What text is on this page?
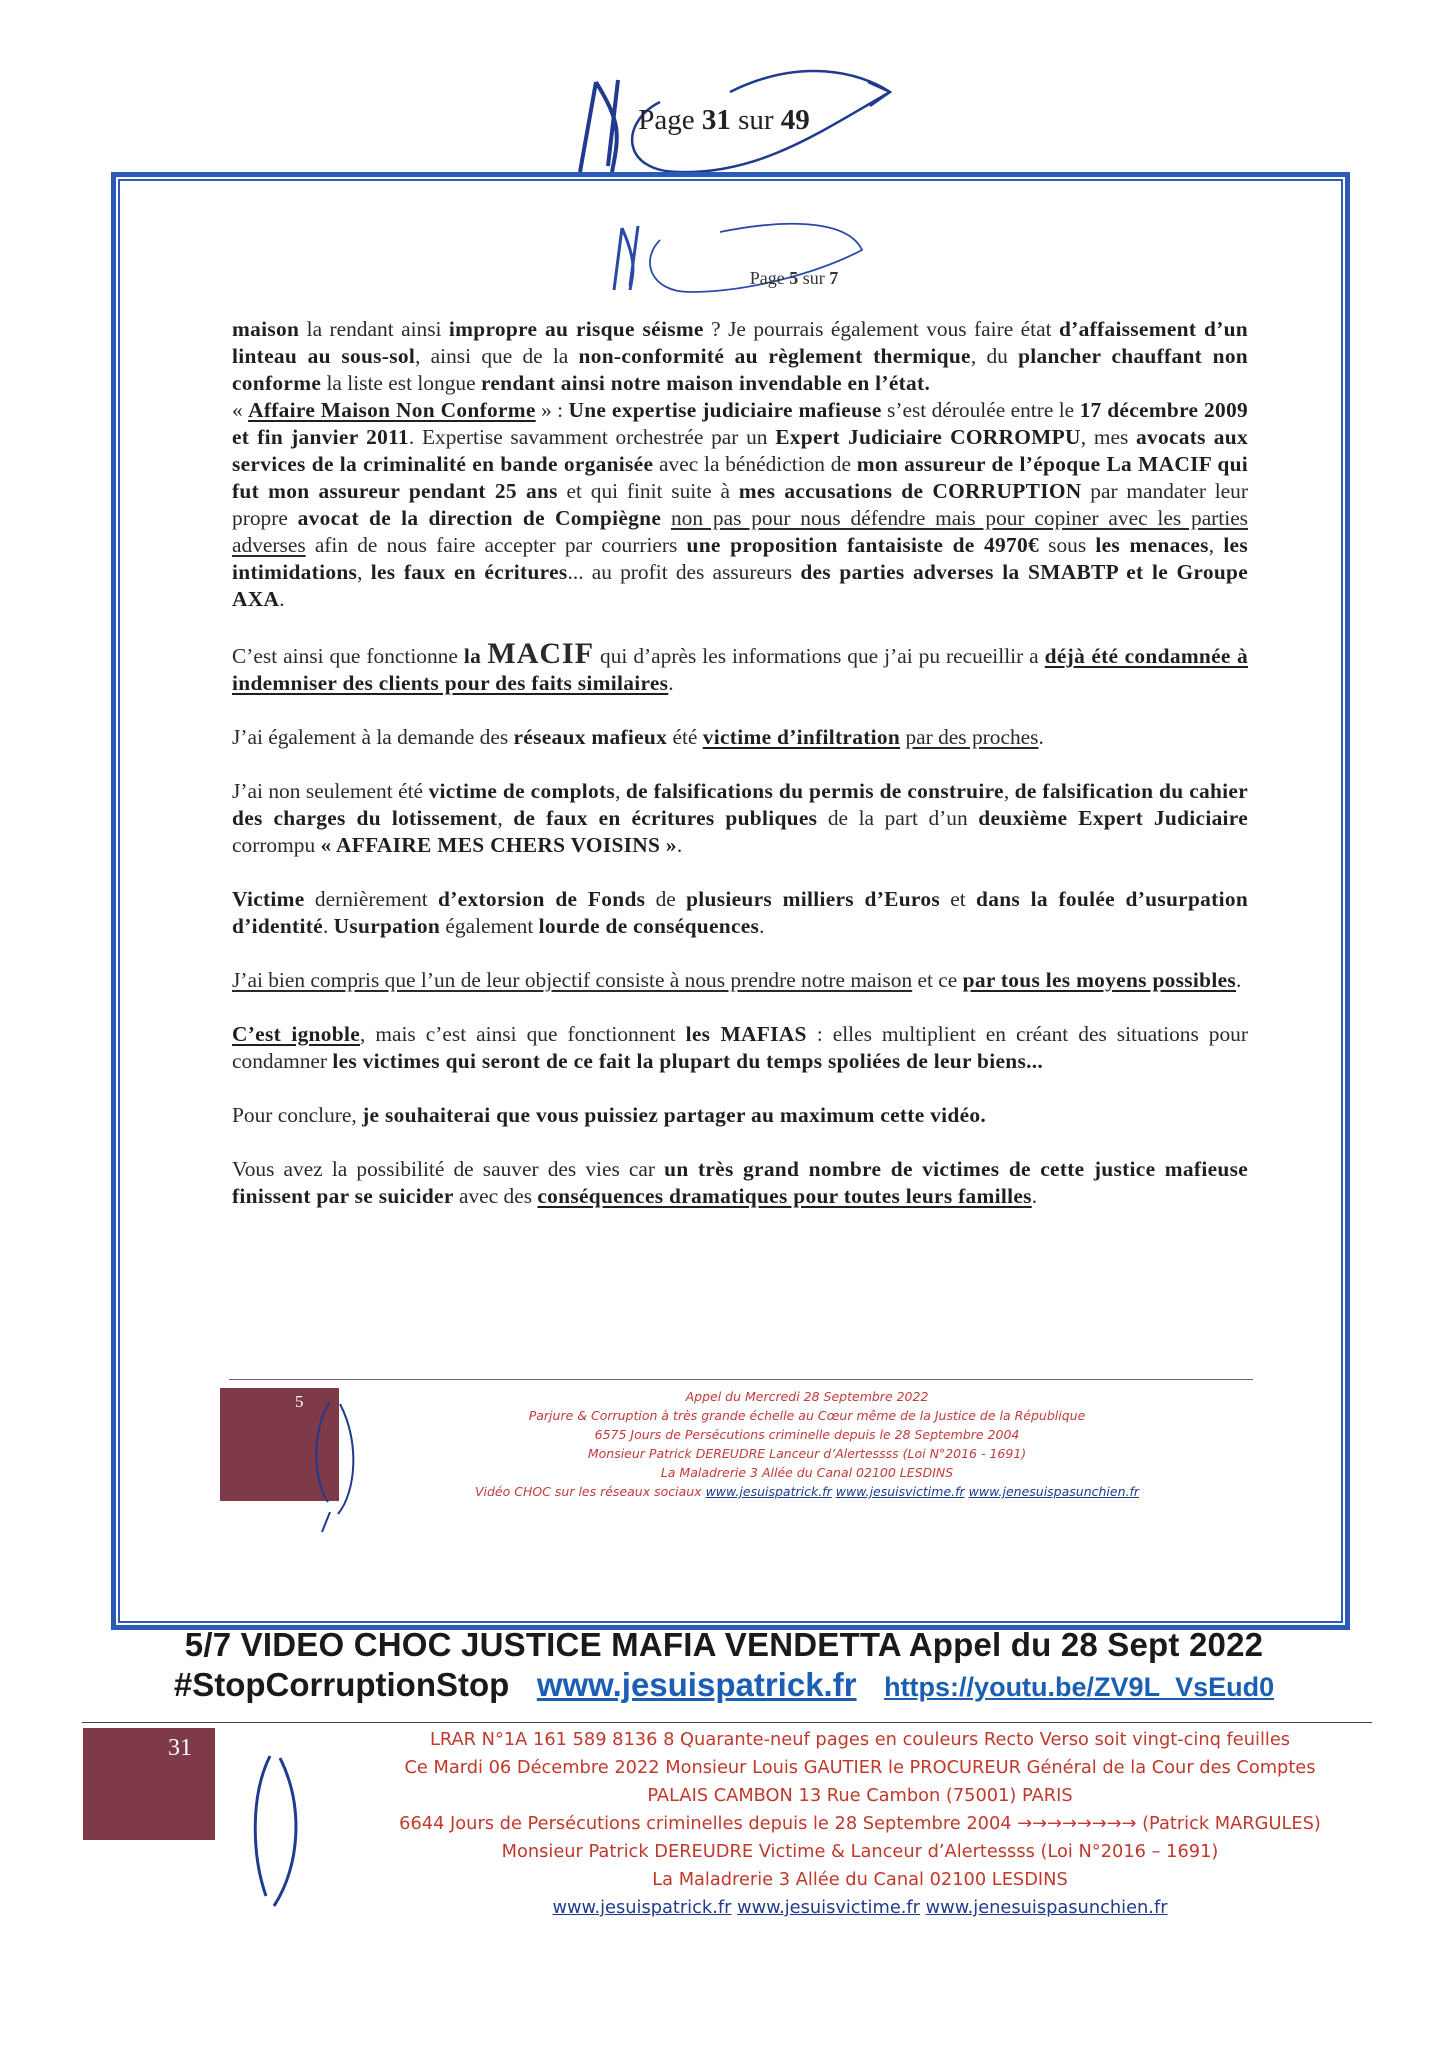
Page 31 sur 49
Page 5 sur 7

maison la rendant ainsi impropre au risque séisme ? Je pourrais également vous faire état d’affaissement d’un linteau au sous-sol, ainsi que de la non-conformité au règlement thermique, du plancher chauffant non conforme la liste est longue rendant ainsi notre maison invendable en l’état.

« Affaire Maison Non Conforme » : Une expertise judiciaire mafieuse s’est déroulée entre le 17 décembre 2009 et fin janvier 2011. Expertise savamment orchestrée par un Expert Judiciaire CORROMPU, mes avocats aux services de la criminalité en bande organisée avec la bénédiction de mon assureur de l’époque La MACIF qui fut mon assureur pendant 25 ans et qui finit suite à mes accusations de CORRUPTION par mandater leur propre avocat de la direction de Compiègne non pas pour nous défendre mais pour copiner avec les parties adverses afin de nous faire accepter par courriers une proposition fantaisiste de 4970€ sous les menaces, les intimidations, les faux en écritures... au profit des assureurs des parties adverses la SMABTP et le Groupe AXA.

C’est ainsi que fonctionne la MACIF qui d’après les informations que j’ai pu recueillir a déjà été condamnée à indemniser des clients pour des faits similaires.

J’ai également à la demande des réseaux mafieux été victime d’infiltration par des proches.

J’ai non seulement été victime de complots, de falsifications du permis de construire, de falsification du cahier des charges du lotissement, de faux en écritures publiques de la part d’un deuxième Expert Judiciaire corrompu « AFFAIRE MES CHERS VOISINS ».

Victime dernièrement d’extorsion de Fonds de plusieurs milliers d’Euros et dans la foulée d’usurpation d’identité. Usurpation également lourde de conséquences.

J’ai bien compris que l’un de leur objectif consiste à nous prendre notre maison et ce par tous les moyens possibles.

C’est ignoble, mais c’est ainsi que fonctionnent les MAFIAS : elles multiplient en créant des situations pour condamner les victimes qui seront de ce fait la plupart du temps spoliées de leur biens...

Pour conclure, je souhaiterai que vous puissiez partager au maximum cette vidéo.

Vous avez la possibilité de sauver des vies car un très grand nombre de victimes de cette justice mafieuse finissent par se suicider avec des conséquences dramatiques pour toutes leurs familles.

5	Appel du Mercredi 28 Septembre 2022
Parjure & Corruption à très grande échelle au Cœur même de la Justice de la République
6575 Jours de Persécutions criminelle depuis le 28 Septembre 2004
Monsieur Patrick DEREUDRE Lanceur d’Alertessss (Loi N°2016 - 1691)
La Maladrerie 3 Allée du Canal 02100 LESDINS
Vidéo CHOC sur les réseaux sociaux www.jesuispatrick.fr www.jesuisvictime.fr www.jenesuispasunchien.fr
5/7 VIDEO CHOC JUSTICE MAFIA VENDETTA Appel du 28 Sept 2022
#StopCorruptionStop www.jesuispatrick.fr https://youtu.be/ZV9L_VsEud0
31	LRAR N°1A 161 589 8136 8 Quarante-neuf pages en couleurs Recto Verso soit vingt-cinq feuilles
Ce Mardi 06 Décembre 2022 Monsieur Louis GAUTIER le PROCUREUR Général de la Cour des Comptes
PALAIS CAMBON 13 Rue Cambon (75001) PARIS
6644 Jours de Persécutions criminelles depuis le 28 Septembre 2004 →→→→→→→→ (Patrick MARGULES)
Monsieur Patrick DEREUDRE Victime & Lanceur d’Alertessss (Loi N°2016 – 1691)
La Maladrerie 3 Allée du Canal 02100 LESDINS
www.jesuispatrick.fr www.jesuisvictime.fr www.jenesuispasunchien.fr
